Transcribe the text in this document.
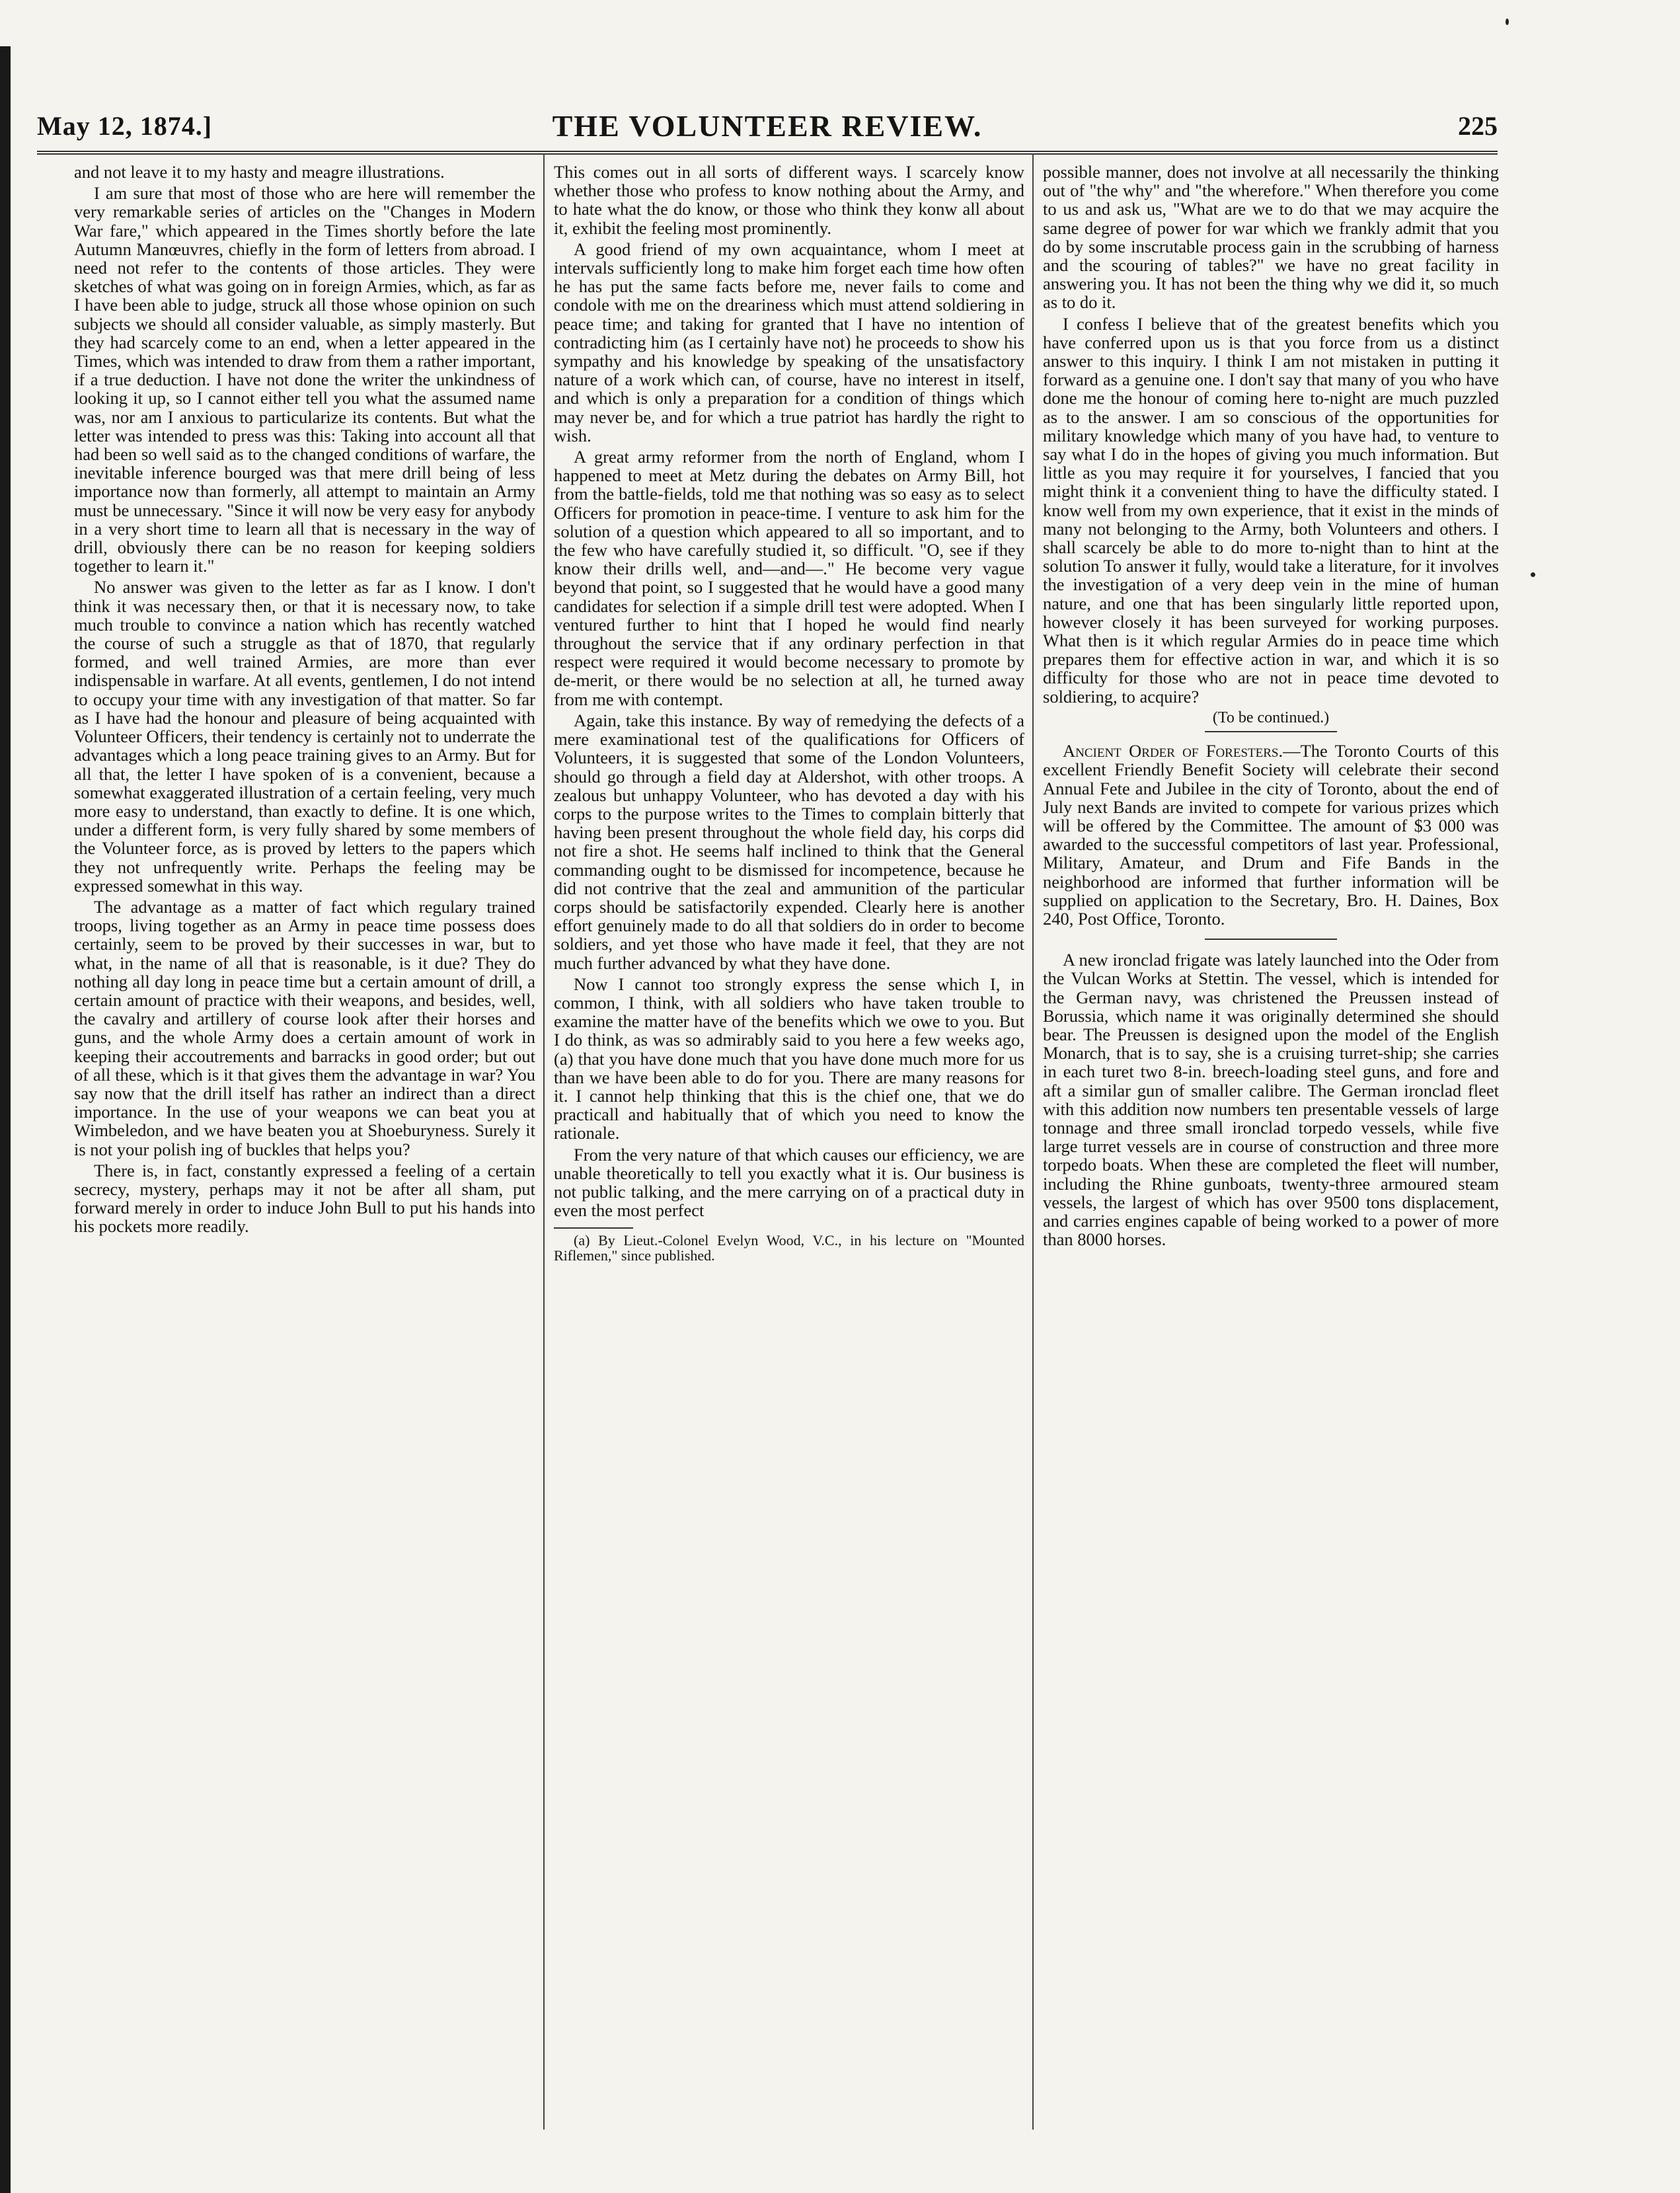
May 12, 1874.]	THE VOLUNTEER REVIEW.	225

and not leave it to my hasty and meagre illustrations.

I am sure that most of those who are here will remember the very remarkable series of articles on the "Changes in Modern War fare," which appeared in the Times shortly before the late Autumn Manœuvres, chiefly in the form of letters from abroad. I need not refer to the contents of those articles. They were sketches of what was going on in foreign Armies, which, as far as I have been able to judge, struck all those whose opinion on such subjects we should all consider valuable, as simply masterly. But they had scarcely come to an end, when a letter appeared in the Times, which was intended to draw from them a rather important, if a true deduction. I have not done the writer the unkindness of looking it up, so I cannot either tell you what the assumed name was, nor am I anxious to particularize its contents. But what the letter was intended to press was this: Taking into account all that had been so well said as to the changed conditions of warfare, the inevitable inference bourged was that mere drill being of less importance now than formerly, all attempt to maintain an Army must be unnecessary. "Since it will now be very easy for anybody in a very short time to learn all that is necessary in the way of drill, obviously there can be no reason for keeping soldiers together to learn it."

No answer was given to the letter as far as I know. I don't think it was necessary then, or that it is necessary now, to take much trouble to convince a nation which has recently watched the course of such a struggle as that of 1870, that regularly formed, and well trained Armies, are more than ever indispensable in warfare. At all events, gentlemen, I do not intend to occupy your time with any investigation of that matter. So far as I have had the honour and pleasure of being acquainted with Volunteer Officers, their tendency is certainly not to underrate the advantages which a long peace training gives to an Army. But for all that, the letter I have spoken of is a convenient, because a somewhat exaggerated illustration of a certain feeling, very much more easy to understand, than exactly to define. It is one which, under a different form, is very fully shared by some members of the Volunteer force, as is proved by letters to the papers which they not unfrequently write. Perhaps the feeling may be expressed somewhat in this way.

The advantage as a matter of fact which regulary trained troops, living together as an Army in peace time possess does certainly, seem to be proved by their successes in war, but to what, in the name of all that is reasonable, is it due? They do nothing all day long in peace time but a certain amount of drill, a certain amount of practice with their weapons, and besides, well, the cavalry and artillery of course look after their horses and guns, and the whole Army does a certain amount of work in keeping their accoutrements and barracks in good order; but out of all these, which is it that gives them the advantage in war? You say now that the drill itself has rather an indirect than a direct importance. In the use of your weapons we can beat you at Wimbeledon, and we have beaten you at Shoeburyness. Surely it is not your polish ing of buckles that helps you?

There is, in fact, constantly expressed a feeling of a certain secrecy, mystery, perhaps may it not be after all sham, put forward merely in order to induce John Bull to put his hands into his pockets more readily.

This comes out in all sorts of different ways. I scarcely know whether those who profess to know nothing about the Army, and to hate what the do know, or those who think they konw all about it, exhibit the feeling most prominently.

A good friend of my own acquaintance, whom I meet at intervals sufficiently long to make him forget each time how often he has put the same facts before me, never fails to come and condole with me on the dreariness which must attend soldiering in peace time; and taking for granted that I have no intention of contradicting him (as I certainly have not) he proceeds to show his sympathy and his knowledge by speaking of the unsatisfactory nature of a work which can, of course, have no interest in itself, and which is only a preparation for a condition of things which may never be, and for which a true patriot has hardly the right to wish.

A great army reformer from the north of England, whom I happened to meet at Metz during the debates on Army Bill, hot from the battle-fields, told me that nothing was so easy as to select Officers for promotion in peace-time. I venture to ask him for the solution of a question which appeared to all so important, and to the few who have carefully studied it, so difficult. "O, see if they know their drills well, and—and—." He become very vague beyond that point, so I suggested that he would have a good many candidates for selection if a simple drill test were adopted. When I ventured further to hint that I hoped he would find nearly throughout the service that if any ordinary perfection in that respect were required it would become necessary to promote by de-merit, or there would be no selection at all, he turned away from me with contempt.

Again, take this instance. By way of remedying the defects of a mere examinational test of the qualifications for Officers of Volunteers, it is suggested that some of the London Volunteers, should go through a field day at Aldershot, with other troops. A zealous but unhappy Volunteer, who has devoted a day with his corps to the purpose writes to the Times to complain bitterly that having been present throughout the whole field day, his corps did not fire a shot. He seems half inclined to think that the General commanding ought to be dismissed for incompetence, because he did not contrive that the zeal and ammunition of the particular corps should be satisfactorily expended. Clearly here is another effort genuinely made to do all that soldiers do in order to become soldiers, and yet those who have made it feel, that they are not much further advanced by what they have done.

Now I cannot too strongly express the sense which I, in common, I think, with all soldiers who have taken trouble to examine the matter have of the benefits which we owe to you. But I do think, as was so admirably said to you here a few weeks ago, (a) that you have done much that you have done much more for us than we have been able to do for you. There are many reasons for it. I cannot help thinking that this is the chief one, that we do practicall and habitually that of which you need to know the rationale.

From the very nature of that which causes our efficiency, we are unable theoretically to tell you exactly what it is. Our business is not public talking, and the mere carrying on of a practical duty in even the most perfect

(a) By Lieut.-Colonel Evelyn Wood, V.C., in his lecture on "Mounted Riflemen," since published.

possible manner, does not involve at all necessarily the thinking out of "the why" and "the wherefore." When therefore you come to us and ask us, "What are we to do that we may acquire the same degree of power for war which we frankly admit that you do by some inscrutable process gain in the scrubbing of harness and the scouring of tables?" we have no great facility in answering you. It has not been the thing why we did it, so much as to do it.

I confess I believe that of the greatest benefits which you have conferred upon us is that you force from us a distinct answer to this inquiry. I think I am not mistaken in putting it forward as a genuine one. I don't say that many of you who have done me the honour of coming here to-night are much puzzled as to the answer. I am so conscious of the opportunities for military knowledge which many of you have had, to venture to say what I do in the hopes of giving you much information. But little as you may require it for yourselves, I fancied that you might think it a convenient thing to have the difficulty stated. I know well from my own experience, that it exist in the minds of many not belonging to the Army, both Volunteers and others. I shall scarcely be able to do more to-night than to hint at the solution To answer it fully, would take a literature, for it involves the investigation of a very deep vein in the mine of human nature, and one that has been singularly little reported upon, however closely it has been surveyed for working purposes. What then is it which regular Armies do in peace time which prepares them for effective action in war, and which it is so difficulty for those who are not in peace time devoted to soldiering, to acquire?

(To be continued.)

Ancient Order of Foresters.—The Toronto Courts of this excellent Friendly Benefit Society will celebrate their second Annual Fete and Jubilee in the city of Toronto, about the end of July next Bands are invited to compete for various prizes which will be offered by the Committee. The amount of $3 000 was awarded to the successful competitors of last year. Professional, Military, Amateur, and Drum and Fife Bands in the neighborhood are informed that further information will be supplied on application to the Secretary, Bro. H. Daines, Box 240, Post Office, Toronto.

A new ironclad frigate was lately launched into the Oder from the Vulcan Works at Stettin. The vessel, which is intended for the German navy, was christened the Preussen instead of Borussia, which name it was originally determined she should bear. The Preussen is designed upon the model of the English Monarch, that is to say, she is a cruising turret-ship; she carries in each turet two 8-in. breech-loading steel guns, and fore and aft a similar gun of smaller calibre. The German ironclad fleet with this addition now numbers ten presentable vessels of large tonnage and three small ironclad torpedo vessels, while five large turret vessels are in course of construction and three more torpedo boats. When these are completed the fleet will number, including the Rhine gunboats, twenty-three armoured steam vessels, the largest of which has over 9500 tons displacement, and carries engines capable of being worked to a power of more than 8000 horses.
